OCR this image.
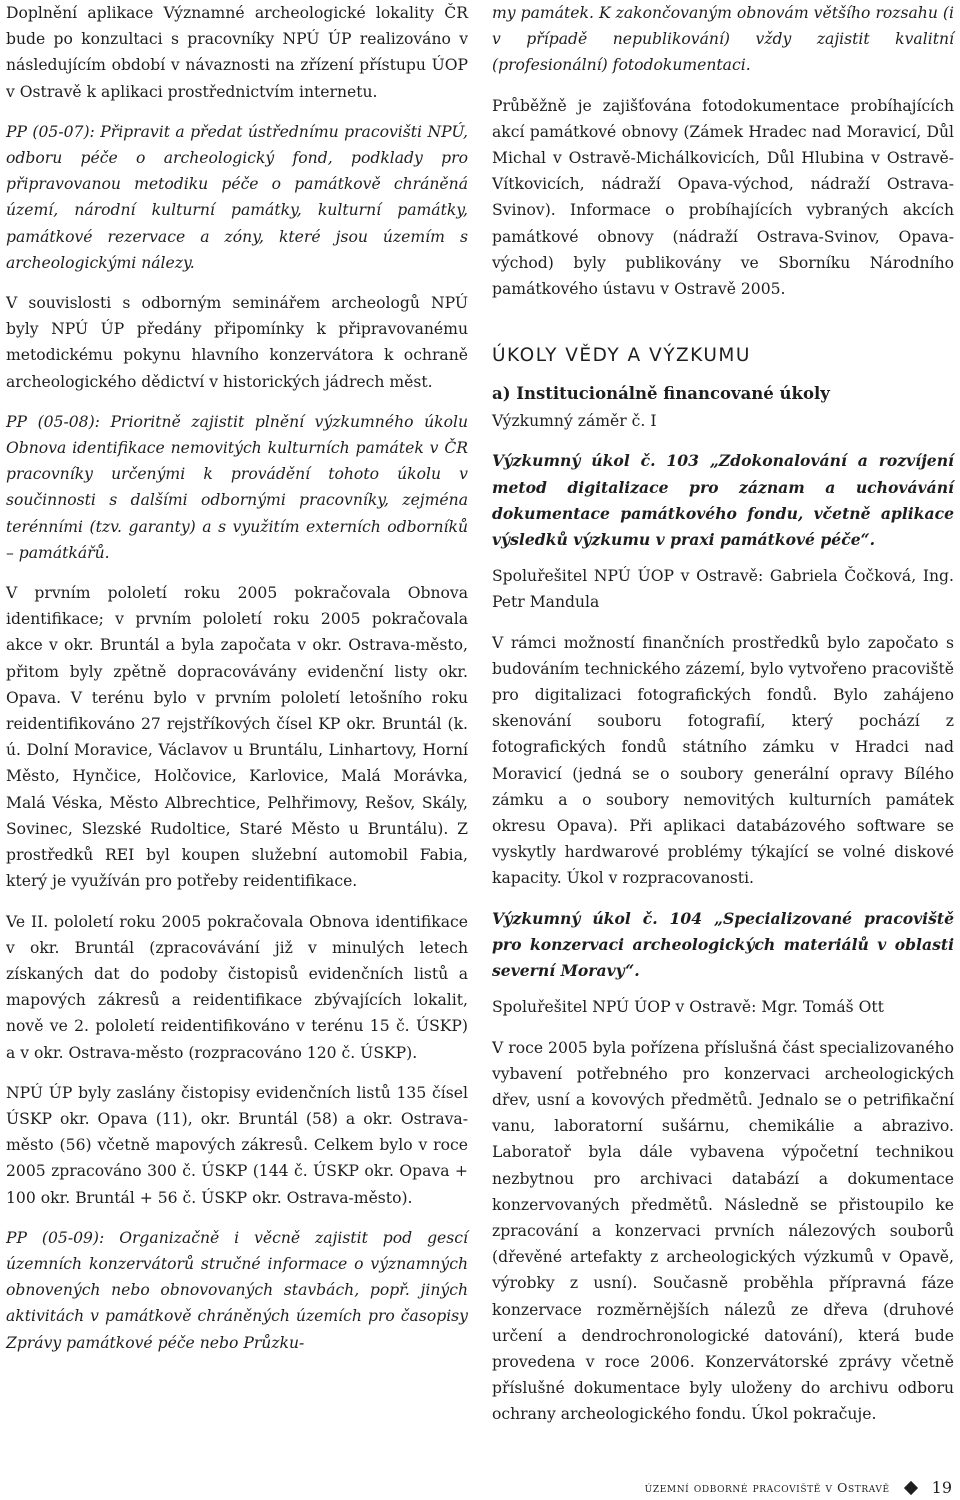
Doplnění aplikace Významné archeologické lokality ČR bude po konzultaci s pracovníky NPÚ ÚP realizováno v následujícím období v návaznosti na zřízení přístupu ÚOP v Ostravě k aplikaci prostřednictvím internetu.

PP (05-07): Připravit a předat ústřednímu pracovišti NPÚ, odboru péče o archeologický fond, podklady pro připravovanou metodiku péče o památkově chráněná území, národní kulturní památky, kulturní památky, památkové rezervace a zóny, které jsou územím s archeologickými nálezy.

V souvislosti s odborným seminářem archeologů NPÚ byly NPÚ ÚP předány připomínky k připravovanému metodickému pokynu hlavního konzervátora k ochraně archeologického dědictví v historických jádrech měst.

PP (05-08): Prioritně zajistit plnění výzkumného úkolu Obnova identifikace nemovitých kulturních památek v ČR pracovníky určenými k provádění tohoto úkolu v součinnosti s dalšími odbornými pracovníky, zejména terénními (tzv. garanty) a s využitím externích odborníků – památkářů.

V prvním pololetí roku 2005 pokračovala Obnova identifikace; v prvním pololetí roku 2005 pokračovala akce v okr. Bruntál a byla započata v okr. Ostrava-město, přitom byly zpětně dopracovávány evidenční listy okr. Opava. V terénu bylo v prvním pololetí letošního roku reidentifikováno 27 rejstříkových čísel KP okr. Bruntál (k. ú. Dolní Moravice, Václavov u Bruntálu, Linhartovy, Horní Město, Hynčice, Holčovice, Karlovice, Malá Morávka, Malá Véska, Město Albrechtice, Pelhřimovy, Rešov, Skály, Sovinec, Slezské Rudoltice, Staré Město u Bruntálu). Z prostředků REI byl koupen služební automobil Fabia, který je využíván pro potřeby reidentifikace.

Ve II. pololetí roku 2005 pokračovala Obnova identifikace v okr. Bruntál (zpracovávání již v minulých letech získaných dat do podoby čistopisů evidenčních listů a mapových zákresů a reidentifikace zbývajících lokalit, nově ve 2. pololetí reidentifikováno v terénu 15 č. ÚSKP) a v okr. Ostrava-město (rozpracováno 120 č. ÚSKP).

NPÚ ÚP byly zaslány čistopisy evidenčních listů 135 čísel ÚSKP okr. Opava (11), okr. Bruntál (58) a okr. Ostrava-město (56) včetně mapových zákresů. Celkem bylo v roce 2005 zpracováno 300 č. ÚSKP (144 č. ÚSKP okr. Opava + 100 okr. Bruntál + 56 č. ÚSKP okr. Ostrava-město).

PP (05-09): Organizačně i věcně zajistit pod gescí územních konzervátorů stručné informace o významných obnovených nebo obnovovaných stavbách, popř. jiných aktivitách v památkově chráněných územích pro časopisy Zprávy památkové péče nebo Průzku-

my památek. K zakončovaným obnovám většího rozsahu (i v případě nepublikování) vždy zajistit kvalitní (profesionální) fotodokumentaci.

Průběžně je zajišťována fotodokumentace probíhajících akcí památkové obnovy (Zámek Hradec nad Moravicí, Důl Michal v Ostravě-Michálkovicích, Důl Hlubina v Ostravě-Vítkovicích, nádraží Opava-východ, nádraží Ostrava-Svinov). Informace o probíhajících vybraných akcích památkové obnovy (nádraží Ostrava-Svinov, Opava-východ) byly publikovány ve Sborníku Národního památkového ústavu v Ostravě 2005.

ÚKOLY VĚDY A VÝZKUMU
a) Institucionálně financované úkoly

Výzkumný záměr č. I

Výzkumný úkol č. 103 „Zdokonalování a rozvíjení metod digitalizace pro záznam a uchovávání dokumentace památkového fondu, včetně aplikace výsledků výzkumu v praxi památkové péče“.

Spoluřešitel NPÚ ÚOP v Ostravě: Gabriela Čočková, Ing. Petr Mandula

V rámci možností finančních prostředků bylo započato s budováním technického zázemí, bylo vytvořeno pracoviště pro digitalizaci fotografických fondů. Bylo zahájeno skenování souboru fotografií, který pochází z fotografických fondů státního zámku v Hradci nad Moravicí (jedná se o soubory generální opravy Bílého zámku a o soubory nemovitých kulturních památek okresu Opava). Při aplikaci databázového software se vyskytly hardwarové problémy týkající se volné diskové kapacity. Úkol v rozpracovanosti.

Výzkumný úkol č. 104 „Specializované pracoviště pro konzervaci archeologických materiálů v oblasti severní Moravy“.

Spoluřešitel NPÚ ÚOP v Ostravě: Mgr. Tomáš Ott

V roce 2005 byla pořízena příslušná část specializovaného vybavení potřebného pro konzervaci archeologických dřev, usní a kovových předmětů. Jednalo se o petrifikační vanu, laboratorní sušárnu, chemikálie a abrazivo. Laboratoř byla dále vybavena výpočetní technikou nezbytnou pro archivaci databází a dokumentace konzervovaných předmětů. Následně se přistoupilo ke zpracování a konzervaci prvních nálezových souborů (dřevěné artefakty z archeologických výzkumů v Opavě, výrobky z usní). Současně proběhla přípravná fáze konzervace rozměrnějších nálezů ze dřeva (druhové určení a dendrochronologické datování), která bude provedena v roce 2006. Konzervátorské zprávy včetně příslušné dokumentace byly uloženy do archivu odboru ochrany archeologického fondu. Úkol pokračuje.

územní odborné pracoviště v Ostravě	19
